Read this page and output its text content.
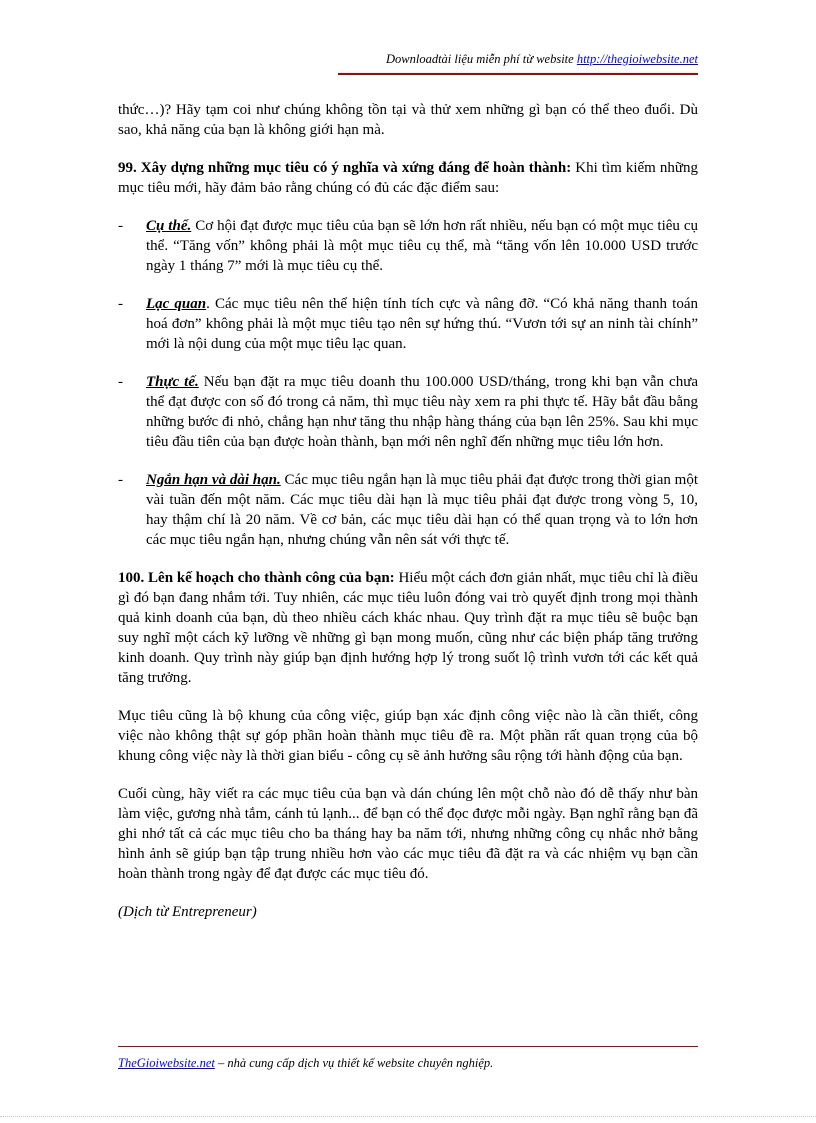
Downloadtài liệu miễn phí từ website http://thegioiwebsite.net

thức…)? Hãy tạm coi như chúng không tồn tại và thử xem những gì bạn có thể theo đuổi. Dù sao, khả năng của bạn là không giới hạn mà.

99. Xây dựng những mục tiêu có ý nghĩa và xứng đáng để hoàn thành: Khi tìm kiếm những mục tiêu mới, hãy đảm bảo rằng chúng có đủ các đặc điểm sau:

- Cụ thể. Cơ hội đạt được mục tiêu của bạn sẽ lớn hơn rất nhiều, nếu bạn có một mục tiêu cụ thể. “Tăng vốn” không phải là một mục tiêu cụ thể, mà “tăng vốn lên 10.000 USD trước ngày 1 tháng 7” mới là mục tiêu cụ thể.
- Lạc quan. Các mục tiêu nên thể hiện tính tích cực và nâng đỡ. “Có khả năng thanh toán hoá đơn” không phải là một mục tiêu tạo nên sự hứng thú. “Vươn tới sự an ninh tài chính” mới là nội dung của một mục tiêu lạc quan.
- Thực tế. Nếu bạn đặt ra mục tiêu doanh thu 100.000 USD/tháng, trong khi bạn vẫn chưa thể đạt được con số đó trong cả năm, thì mục tiêu này xem ra phi thực tế. Hãy bắt đầu bằng những bước đi nhỏ, chẳng hạn như tăng thu nhập hàng tháng của bạn lên 25%. Sau khi mục tiêu đầu tiên của bạn được hoàn thành, bạn mới nên nghĩ đến những mục tiêu lớn hơn.
- Ngắn hạn và dài hạn. Các mục tiêu ngắn hạn là mục tiêu phải đạt được trong thời gian một vài tuần đến một năm. Các mục tiêu dài hạn là mục tiêu phải đạt được trong vòng 5, 10, hay thậm chí là 20 năm. Về cơ bản, các mục tiêu dài hạn có thể quan trọng và to lớn hơn các mục tiêu ngắn hạn, nhưng chúng vẫn nên sát với thực tế.

100. Lên kế hoạch cho thành công của bạn: Hiểu một cách đơn giản nhất, mục tiêu chỉ là điều gì đó bạn đang nhắm tới. Tuy nhiên, các mục tiêu luôn đóng vai trò quyết định trong mọi thành quả kinh doanh của bạn, dù theo nhiều cách khác nhau. Quy trình đặt ra mục tiêu sẽ buộc bạn suy nghĩ một cách kỹ lưỡng về những gì bạn mong muốn, cũng như các biện pháp tăng trưởng kinh doanh. Quy trình này giúp bạn định hướng hợp lý trong suốt lộ trình vươn tới các kết quả tăng trưởng.

Mục tiêu cũng là bộ khung của công việc, giúp bạn xác định công việc nào là cần thiết, công việc nào không thật sự góp phần hoàn thành mục tiêu đề ra. Một phần rất quan trọng của bộ khung công việc này là thời gian biểu - công cụ sẽ ảnh hưởng sâu rộng tới hành động của bạn.

Cuối cùng, hãy viết ra các mục tiêu của bạn và dán chúng lên một chỗ nào đó dễ thấy như bàn làm việc, gương nhà tắm, cánh tủ lạnh... để bạn có thể đọc được mỗi ngày. Bạn nghĩ rằng bạn đã ghi nhớ tất cả các mục tiêu cho ba tháng hay ba năm tới, nhưng những công cụ nhắc nhở bằng hình ảnh sẽ giúp bạn tập trung nhiều hơn vào các mục tiêu đã đặt ra và các nhiệm vụ bạn cần hoàn thành trong ngày để đạt được các mục tiêu đó.

(Dịch từ Entrepreneur)

TheGioiwebsite.net – nhà cung cấp dịch vụ thiết kế website chuyên nghiệp.
